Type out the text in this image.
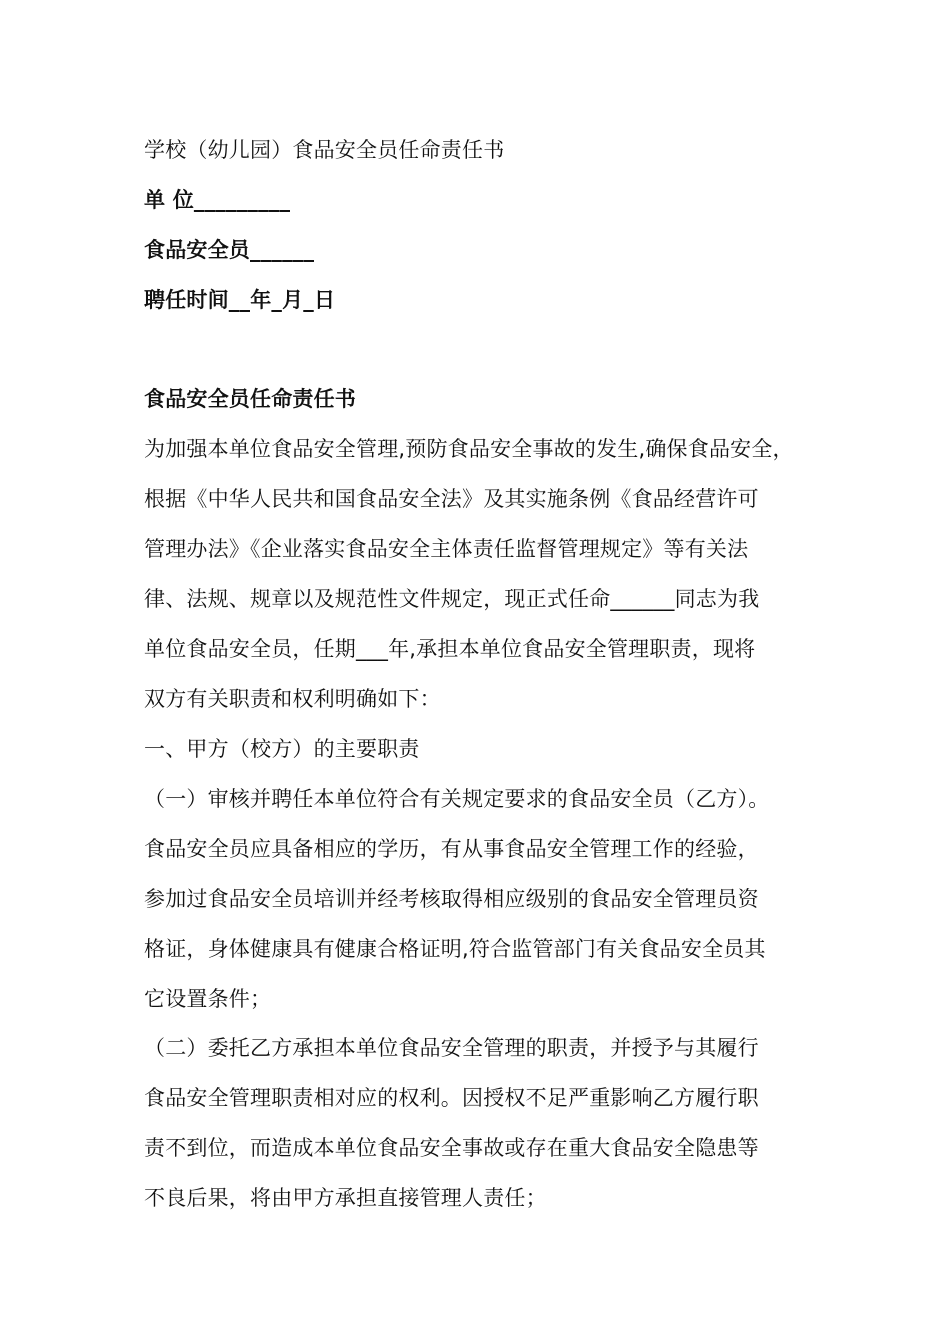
学校（幼儿园）食品安全员任命责任书
单 位_________
食品安全员______
聘任时间__年_月_日
食品安全员任命责任书
为加强本单位食品安全管理,预防食品安全事故的发生,确保食品安全，
根据《中华人民共和国食品安全法》及其实施条例《食品经营许可
管理办法》《企业落实食品安全主体责任监督管理规定》等有关法
律、法规、规章以及规范性文件规定，现正式任命______同志为我
单位食品安全员，任期___年,承担本单位食品安全管理职责，现将
双方有关职责和权利明确如下：
一、甲方（校方）的主要职责
（一）审核并聘任本单位符合有关规定要求的食品安全员（乙方）。
食品安全员应具备相应的学历，有从事食品安全管理工作的经验，
参加过食品安全员培训并经考核取得相应级别的食品安全管理员资
格证，身体健康具有健康合格证明,符合监管部门有关食品安全员其
它设置条件；
（二）委托乙方承担本单位食品安全管理的职责，并授予与其履行
食品安全管理职责相对应的权利。因授权不足严重影响乙方履行职
责不到位，而造成本单位食品安全事故或存在重大食品安全隐患等
不良后果，将由甲方承担直接管理人责任；
